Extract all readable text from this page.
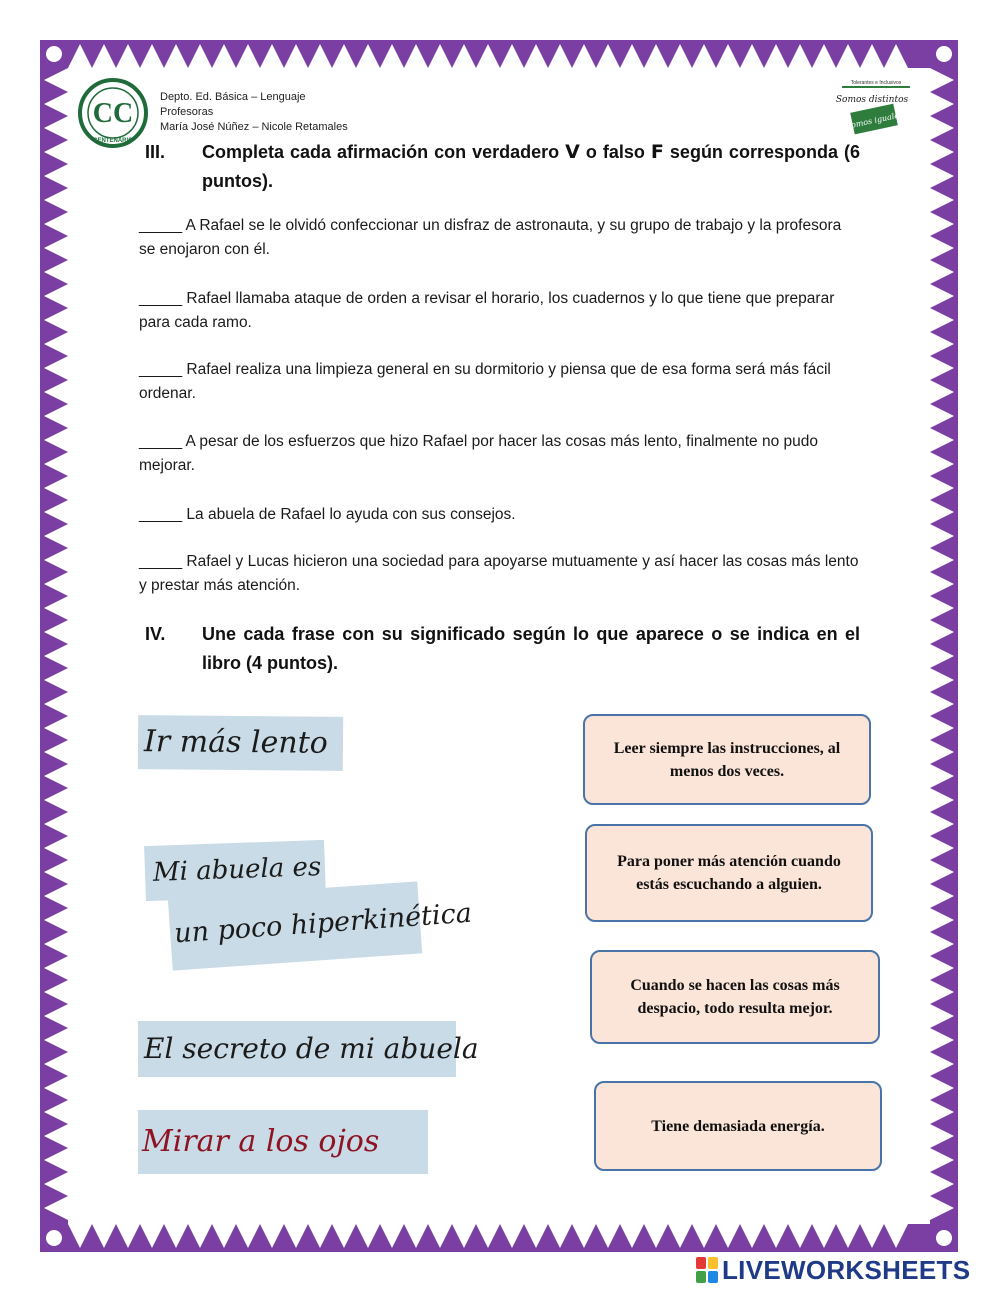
CC
CENTENARIO
Depto. Ed. Básica – Lenguaje
Profesoras
María José Núñez – Nicole Retamales
Tolerantes e Inclusivos
Somos distintos
Somos iguales
III. Completa cada afirmación con verdadero V o falso F según corresponda (6 puntos).
_____ A Rafael se le olvidó confeccionar un disfraz de astronauta, y su grupo de trabajo y la profesora se enojaron con él.
_____ Rafael llamaba ataque de orden a revisar el horario, los cuadernos y lo que tiene que preparar para cada ramo.
_____ Rafael realiza una limpieza general en su dormitorio y piensa que de esa forma será más fácil ordenar.
_____ A pesar de los esfuerzos que hizo Rafael por hacer las cosas más lento, finalmente no pudo mejorar.
_____ La abuela de Rafael lo ayuda con sus consejos.
_____ Rafael y Lucas hicieron una sociedad para apoyarse mutuamente y así hacer las cosas más lento y prestar más atención.
IV. Une cada frase con su significado según lo que aparece o se indica en el libro (4 puntos).
Ir más lento
Mi abuela es
un poco hiperkinética
El secreto de mi abuela
Mirar a los ojos
Leer siempre las instrucciones, al menos dos veces.
Para poner más atención cuando estás escuchando a alguien.
Cuando se hacen las cosas más despacio, todo resulta mejor.
Tiene demasiada energía.
LIVEWORKSHEETS
